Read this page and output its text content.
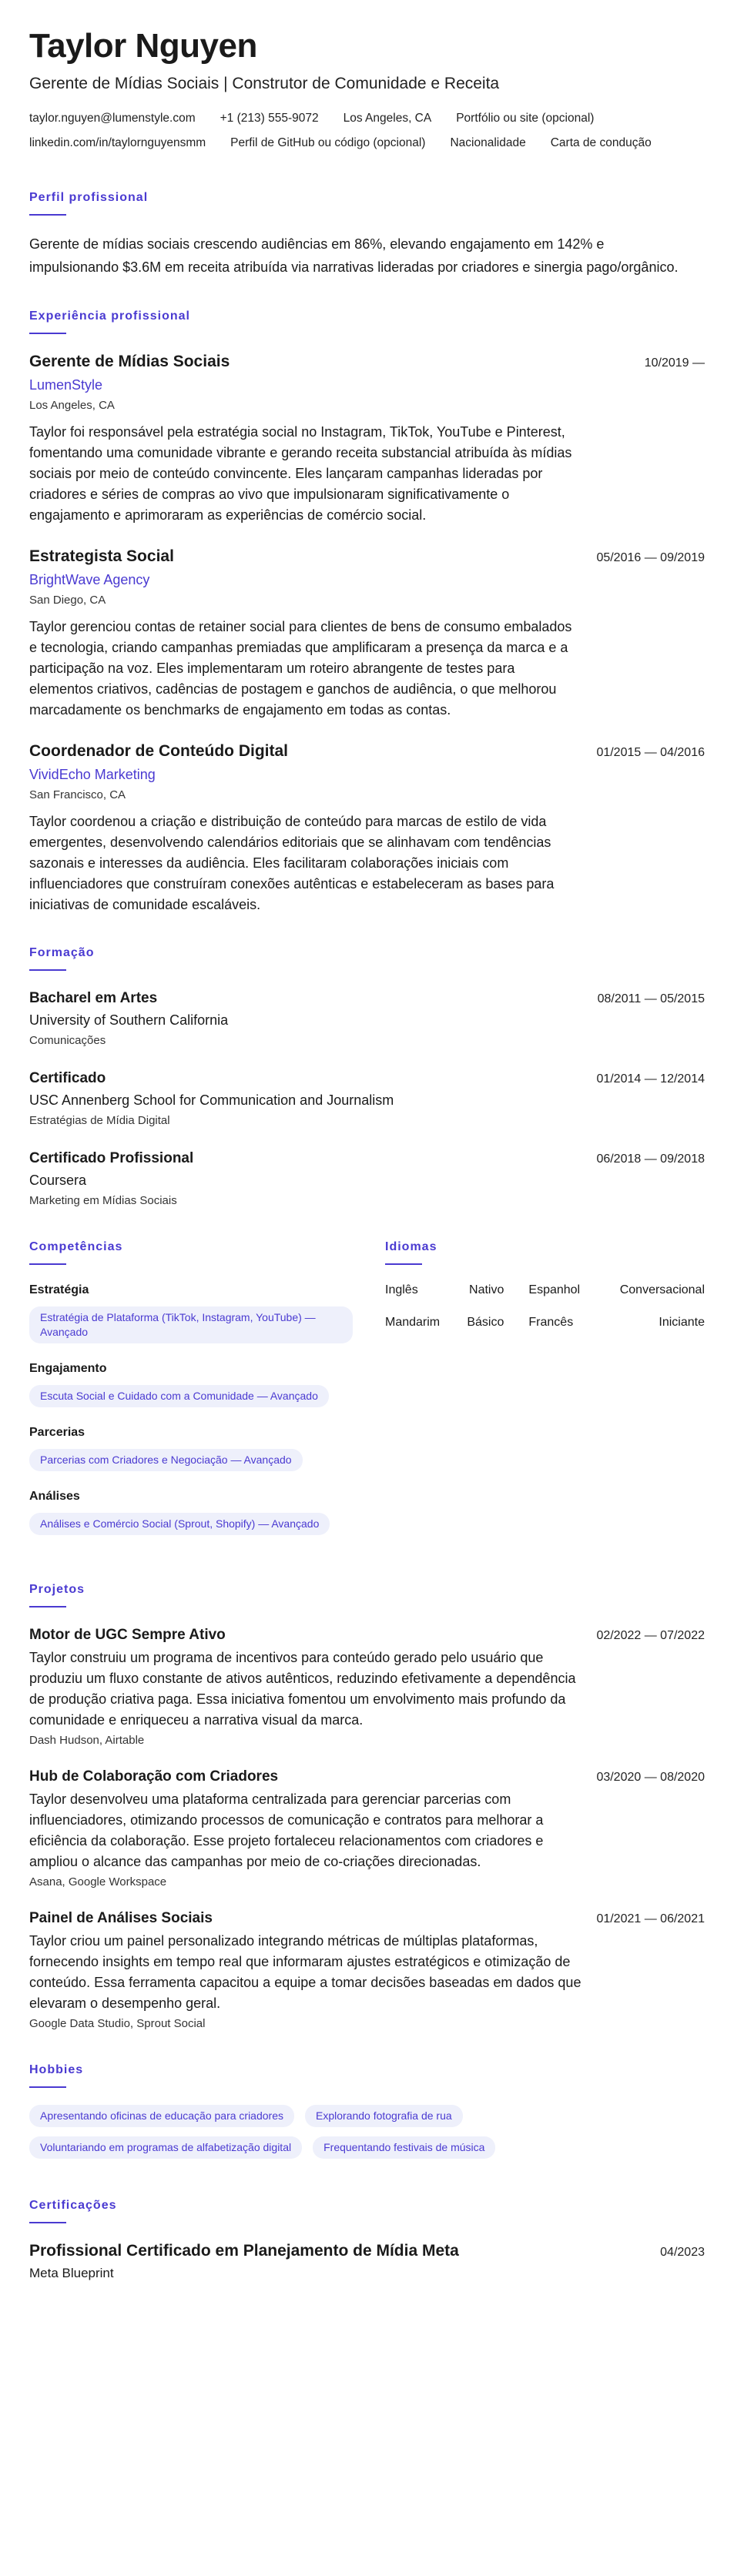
Taylor Nguyen
Gerente de Mídias Sociais | Construtor de Comunidade e Receita
taylor.nguyen@lumenstyle.com +1 (213) 555-9072 Los Angeles, CA Portfólio ou site (opcional)
linkedin.com/in/taylornguyensmm Perfil de GitHub ou código (opcional) Nacionalidade Carta de condução
Perfil profissional

Gerente de mídias sociais crescendo audiências em 86%, elevando engajamento em 142% e impulsionando $3.6M em receita atribuída via narrativas lideradas por criadores e sinergia pago/orgânico.

Experiência profissional
Gerente de Mídias Sociais	10/2019 —
LumenStyle
Los Angeles, CA

Taylor foi responsável pela estratégia social no Instagram, TikTok, YouTube e Pinterest, fomentando uma comunidade vibrante e gerando receita substancial atribuída às mídias sociais por meio de conteúdo convincente. Eles lançaram campanhas lideradas por criadores e séries de compras ao vivo que impulsionaram significativamente o engajamento e aprimoraram as experiências de comércio social.

Estrategista Social	05/2016 — 09/2019
BrightWave Agency
San Diego, CA

Taylor gerenciou contas de retainer social para clientes de bens de consumo embalados e tecnologia, criando campanhas premiadas que amplificaram a presença da marca e a participação na voz. Eles implementaram um roteiro abrangente de testes para elementos criativos, cadências de postagem e ganchos de audiência, o que melhorou marcadamente os benchmarks de engajamento em todas as contas.

Coordenador de Conteúdo Digital	01/2015 — 04/2016
VividEcho Marketing
San Francisco, CA

Taylor coordenou a criação e distribuição de conteúdo para marcas de estilo de vida emergentes, desenvolvendo calendários editoriais que se alinhavam com tendências sazonais e interesses da audiência. Eles facilitaram colaborações iniciais com influenciadores que construíram conexões autênticas e estabeleceram as bases para iniciativas de comunidade escaláveis.

Formação
Bacharel em Artes	08/2011 — 05/2015
University of Southern California
Comunicações
Certificado	01/2014 — 12/2014
USC Annenberg School for Communication and Journalism
Estratégias de Mídia Digital
Certificado Profissional	06/2018 — 09/2018
Coursera
Marketing em Mídias Sociais
Competências
Estratégia
Estratégia de Plataforma (TikTok, Instagram, YouTube) — Avançado
Engajamento
Escuta Social e Cuidado com a Comunidade — Avançado
Parcerias
Parcerias com Criadores e Negociação — Avançado
Análises
Análises e Comércio Social (Sprout, Shopify) — Avançado
Idiomas
Inglês	Nativo	Espanhol	Conversacional
Mandarim	Básico	Francês	Iniciante
Projetos
Motor de UGC Sempre Ativo	02/2022 — 07/2022

Taylor construiu um programa de incentivos para conteúdo gerado pelo usuário que produziu um fluxo constante de ativos autênticos, reduzindo efetivamente a dependência de produção criativa paga. Essa iniciativa fomentou um envolvimento mais profundo da comunidade e enriqueceu a narrativa visual da marca.

Dash Hudson, Airtable
Hub de Colaboração com Criadores	03/2020 — 08/2020

Taylor desenvolveu uma plataforma centralizada para gerenciar parcerias com influenciadores, otimizando processos de comunicação e contratos para melhorar a eficiência da colaboração. Esse projeto fortaleceu relacionamentos com criadores e ampliou o alcance das campanhas por meio de co-criações direcionadas.

Asana, Google Workspace
Painel de Análises Sociais	01/2021 — 06/2021

Taylor criou um painel personalizado integrando métricas de múltiplas plataformas, fornecendo insights em tempo real que informaram ajustes estratégicos e otimização de conteúdo. Essa ferramenta capacitou a equipe a tomar decisões baseadas em dados que elevaram o desempenho geral.

Google Data Studio, Sprout Social
Hobbies
Apresentando oficinas de educação para criadores	Explorando fotografia de rua
Voluntariando em programas de alfabetização digital	Frequentando festivais de música
Certificações
Profissional Certificado em Planejamento de Mídia Meta	04/2023
Meta Blueprint
